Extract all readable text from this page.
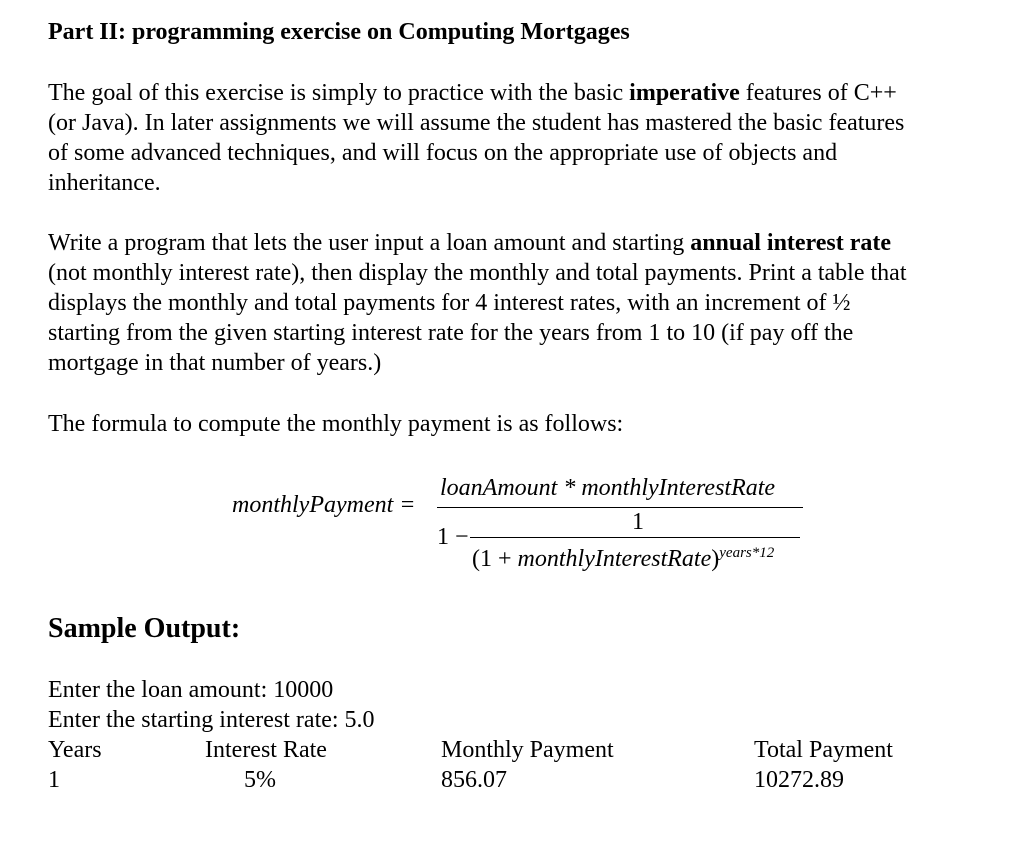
Part II: programming exercise on Computing Mortgages

The goal of this exercise is simply to practice with the basic imperative features of C++
(or Java). In later assignments we will assume the student has mastered the basic features
of some advanced techniques, and will focus on the appropriate use of objects and
inheritance.

Write a program that lets the user input a loan amount and starting annual interest rate
(not monthly interest rate), then display the monthly and total payments. Print a table that
displays the monthly and total payments for 4 interest rates, with an increment of ½
starting from the given starting interest rate for the years from 1 to 10 (if pay off the
mortgage in that number of years.)

The formula to compute the monthly payment is as follows:

monthlyPayment =
loanAmount * monthlyInterestRate
1 −
1
(1 + monthlyInterestRate)$^{years*12}$
Sample Output:
Enter the loan amount: 10000
Enter the starting interest rate: 5.0
Years	Interest Rate	Monthly Payment	Total Payment
1	5%	856.07	10272.89
